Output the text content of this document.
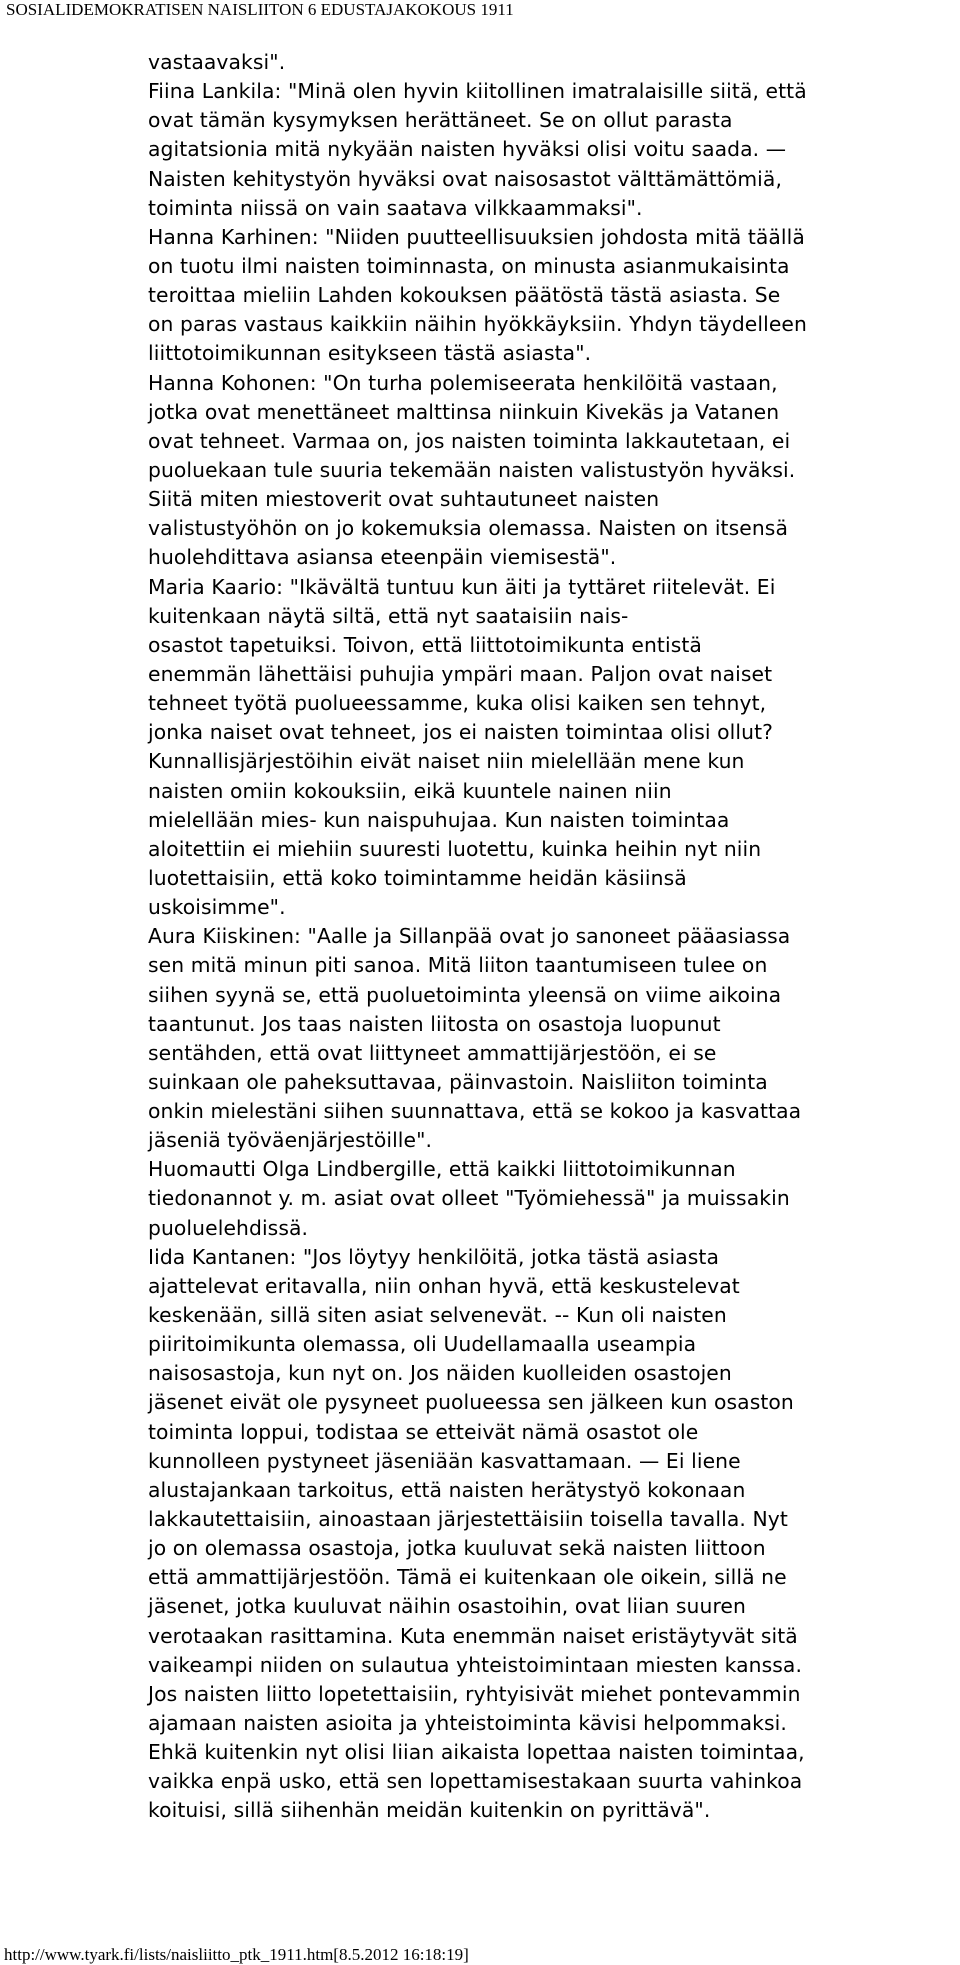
SOSIALIDEMOKRATISEN NAISLIITON 6 EDUSTAJAKOKOUS 1911
vastaavaksi".
Fiina Lankila: "Minä olen hyvin kiitollinen imatralaisille siitä, että
ovat tämän kysymyksen herättäneet. Se on ollut parasta
agitatsionia mitä nykyään naisten hyväksi olisi voitu saada. —
Naisten kehitystyön hyväksi ovat naisosastot välttämättömiä,
toiminta niissä on vain saatava vilkkaammaksi".
Hanna Karhinen: "Niiden puutteellisuuksien johdosta mitä täällä
on tuotu ilmi naisten toiminnasta, on minusta asianmukaisinta
teroittaa mieliin Lahden kokouksen päätöstä tästä asiasta. Se
on paras vastaus kaikkiin näihin hyökkäyksiin. Yhdyn täydelleen
liittotoimikunnan esitykseen tästä asiasta".
Hanna Kohonen: "On turha polemiseerata henkilöitä vastaan,
jotka ovat menettäneet malttinsa niinkuin Kivekäs ja Vatanen
ovat tehneet. Varmaa on, jos naisten toiminta lakkautetaan, ei
puoluekaan tule suuria tekemään naisten valistustyön hyväksi.
Siitä miten miestoverit ovat suhtautuneet naisten
valistustyöhön on jo kokemuksia olemassa. Naisten on itsensä
huolehdittava asiansa eteenpäin viemisestä".
Maria Kaario: "Ikävältä tuntuu kun äiti ja tyttäret riitelevät. Ei
kuitenkaan näytä siltä, että nyt saataisiin nais-
osastot tapetuiksi. Toivon, että liittotoimikunta entistä
enemmän lähettäisi puhujia ympäri maan. Paljon ovat naiset
tehneet työtä puolueessamme, kuka olisi kaiken sen tehnyt,
jonka naiset ovat tehneet, jos ei naisten toimintaa olisi ollut?
Kunnallisjärjestöihin eivät naiset niin mielellään mene kun
naisten omiin kokouksiin, eikä kuuntele nainen niin
mielellään mies- kun naispuhujaa. Kun naisten toimintaa
aloitettiin ei miehiin suuresti luotettu, kuinka heihin nyt niin
luotettaisiin, että koko toimintamme heidän käsiinsä
uskoisimme".
Aura Kiiskinen: "Aalle ja Sillanpää ovat jo sanoneet pääasiassa
sen mitä minun piti sanoa. Mitä liiton taantumiseen tulee on
siihen syynä se, että puoluetoiminta yleensä on viime aikoina
taantunut. Jos taas naisten liitosta on osastoja luopunut
sentähden, että ovat liittyneet ammattijärjestöön, ei se
suinkaan ole paheksuttavaa, päinvastoin. Naisliiton toiminta
onkin mielestäni siihen suunnattava, että se kokoo ja kasvattaa
jäseniä työväenjärjestöille".
Huomautti Olga Lindbergille, että kaikki liittotoimikunnan
tiedonannot y. m. asiat ovat olleet "Työmiehessä" ja muissakin
puoluelehdissä.
Iida Kantanen: "Jos löytyy henkilöitä, jotka tästä asiasta
ajattelevat eritavalla, niin onhan hyvä, että keskustelevat
keskenään, sillä siten asiat selvenevät. -- Kun oli naisten
piiritoimikunta olemassa, oli Uudellamaalla useampia
naisosastoja, kun nyt on. Jos näiden kuolleiden osastojen
jäsenet eivät ole pysyneet puolueessa sen jälkeen kun osaston
toiminta loppui, todistaa se etteivät nämä osastot ole
kunnolleen pystyneet jäseniään kasvattamaan. — Ei liene
alustajankaan tarkoitus, että naisten herätystyö kokonaan
lakkautettaisiin, ainoastaan järjestettäisiin toisella tavalla. Nyt
jo on olemassa osastoja, jotka kuuluvat sekä naisten liittoon
että ammattijärjestöön. Tämä ei kuitenkaan ole oikein, sillä ne
jäsenet, jotka kuuluvat näihin osastoihin, ovat liian suuren
verotaakan rasittamina. Kuta enemmän naiset eristäytyvät sitä
vaikeampi niiden on sulautua yhteistoimintaan miesten kanssa.
Jos naisten liitto lopetettaisiin, ryhtyisivät miehet pontevammin
ajamaan naisten asioita ja yhteistoiminta kävisi helpommaksi.
Ehkä kuitenkin nyt olisi liian aikaista lopettaa naisten toimintaa,
vaikka enpä usko, että sen lopettamisestakaan suurta vahinkoa
koituisi, sillä siihenhän meidän kuitenkin on pyrittävä".
http://www.tyark.fi/lists/naisliitto_ptk_1911.htm[8.5.2012 16:18:19]
